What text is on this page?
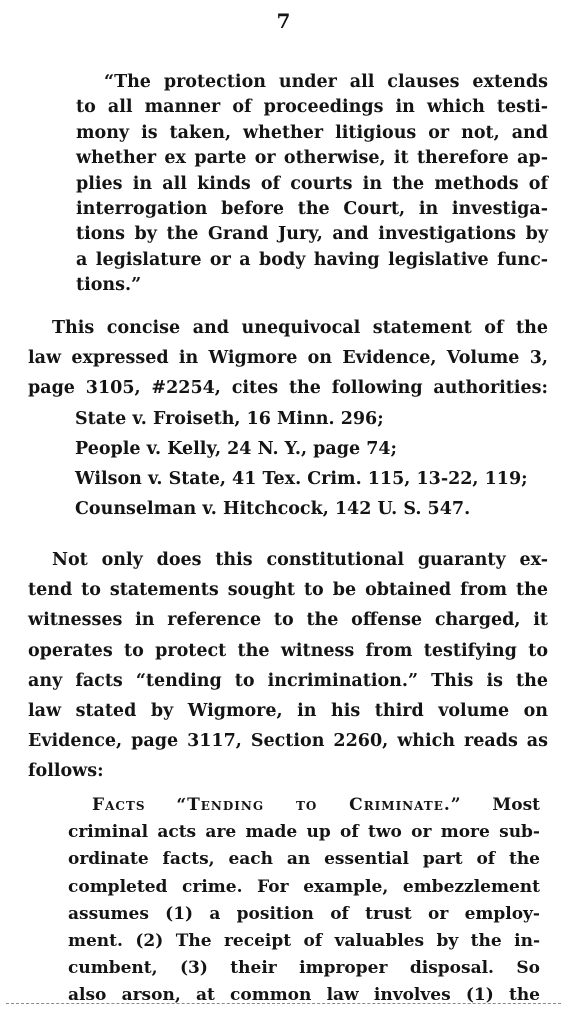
7
“The protection under all clauses extends
to all manner of proceedings in which testi-
mony is taken, whether litigious or not, and
whether ex parte or otherwise, it therefore ap-
plies in all kinds of courts in the methods of
interrogation before the Court, in investiga-
tions by the Grand Jury, and investigations by
a legislature or a body having legislative func-
tions.”
This concise and unequivocal statement of the
law expressed in Wigmore on Evidence, Volume 3,
page 3105, #2254, cites the following authorities:
State v. Froiseth, 16 Minn. 296;
People v. Kelly, 24 N. Y., page 74;
Wilson v. State, 41 Tex. Crim. 115, 13-22, 119;
Counselman v. Hitchcock, 142 U. S. 547.
Not only does this constitutional guaranty ex-
tend to statements sought to be obtained from the
witnesses in reference to the offense charged, it
operates to protect the witness from testifying to
any facts “tending to incrimination.” This is the
law stated by Wigmore, in his third volume on
Evidence, page 3117, Section 2260, which reads as
follows:
Facts “Tending to Criminate.” Most
criminal acts are made up of two or more sub-
ordinate facts, each an essential part of the
completed crime. For example, embezzlement
assumes (1) a position of trust or employ-
ment. (2) The receipt of valuables by the in-
cumbent, (3) their improper disposal. So
also arson, at common law involves (1) the
